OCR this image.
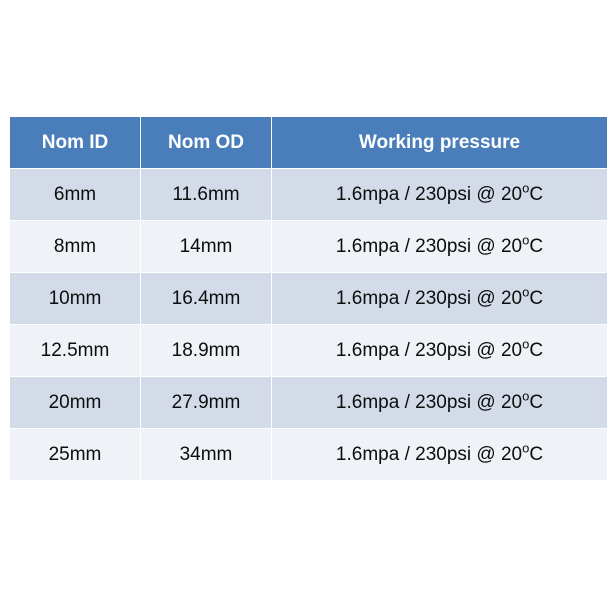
Nom ID	Nom OD	Working pressure
6mm	11.6mm	1.6mpa / 230psi @ 20$^o$C
8mm	14mm	1.6mpa / 230psi @ 20$^o$C
10mm	16.4mm	1.6mpa / 230psi @ 20$^o$C
12.5mm	18.9mm	1.6mpa / 230psi @ 20$^o$C
20mm	27.9mm	1.6mpa / 230psi @ 20$^o$C
25mm	34mm	1.6mpa / 230psi @ 20$^o$C
